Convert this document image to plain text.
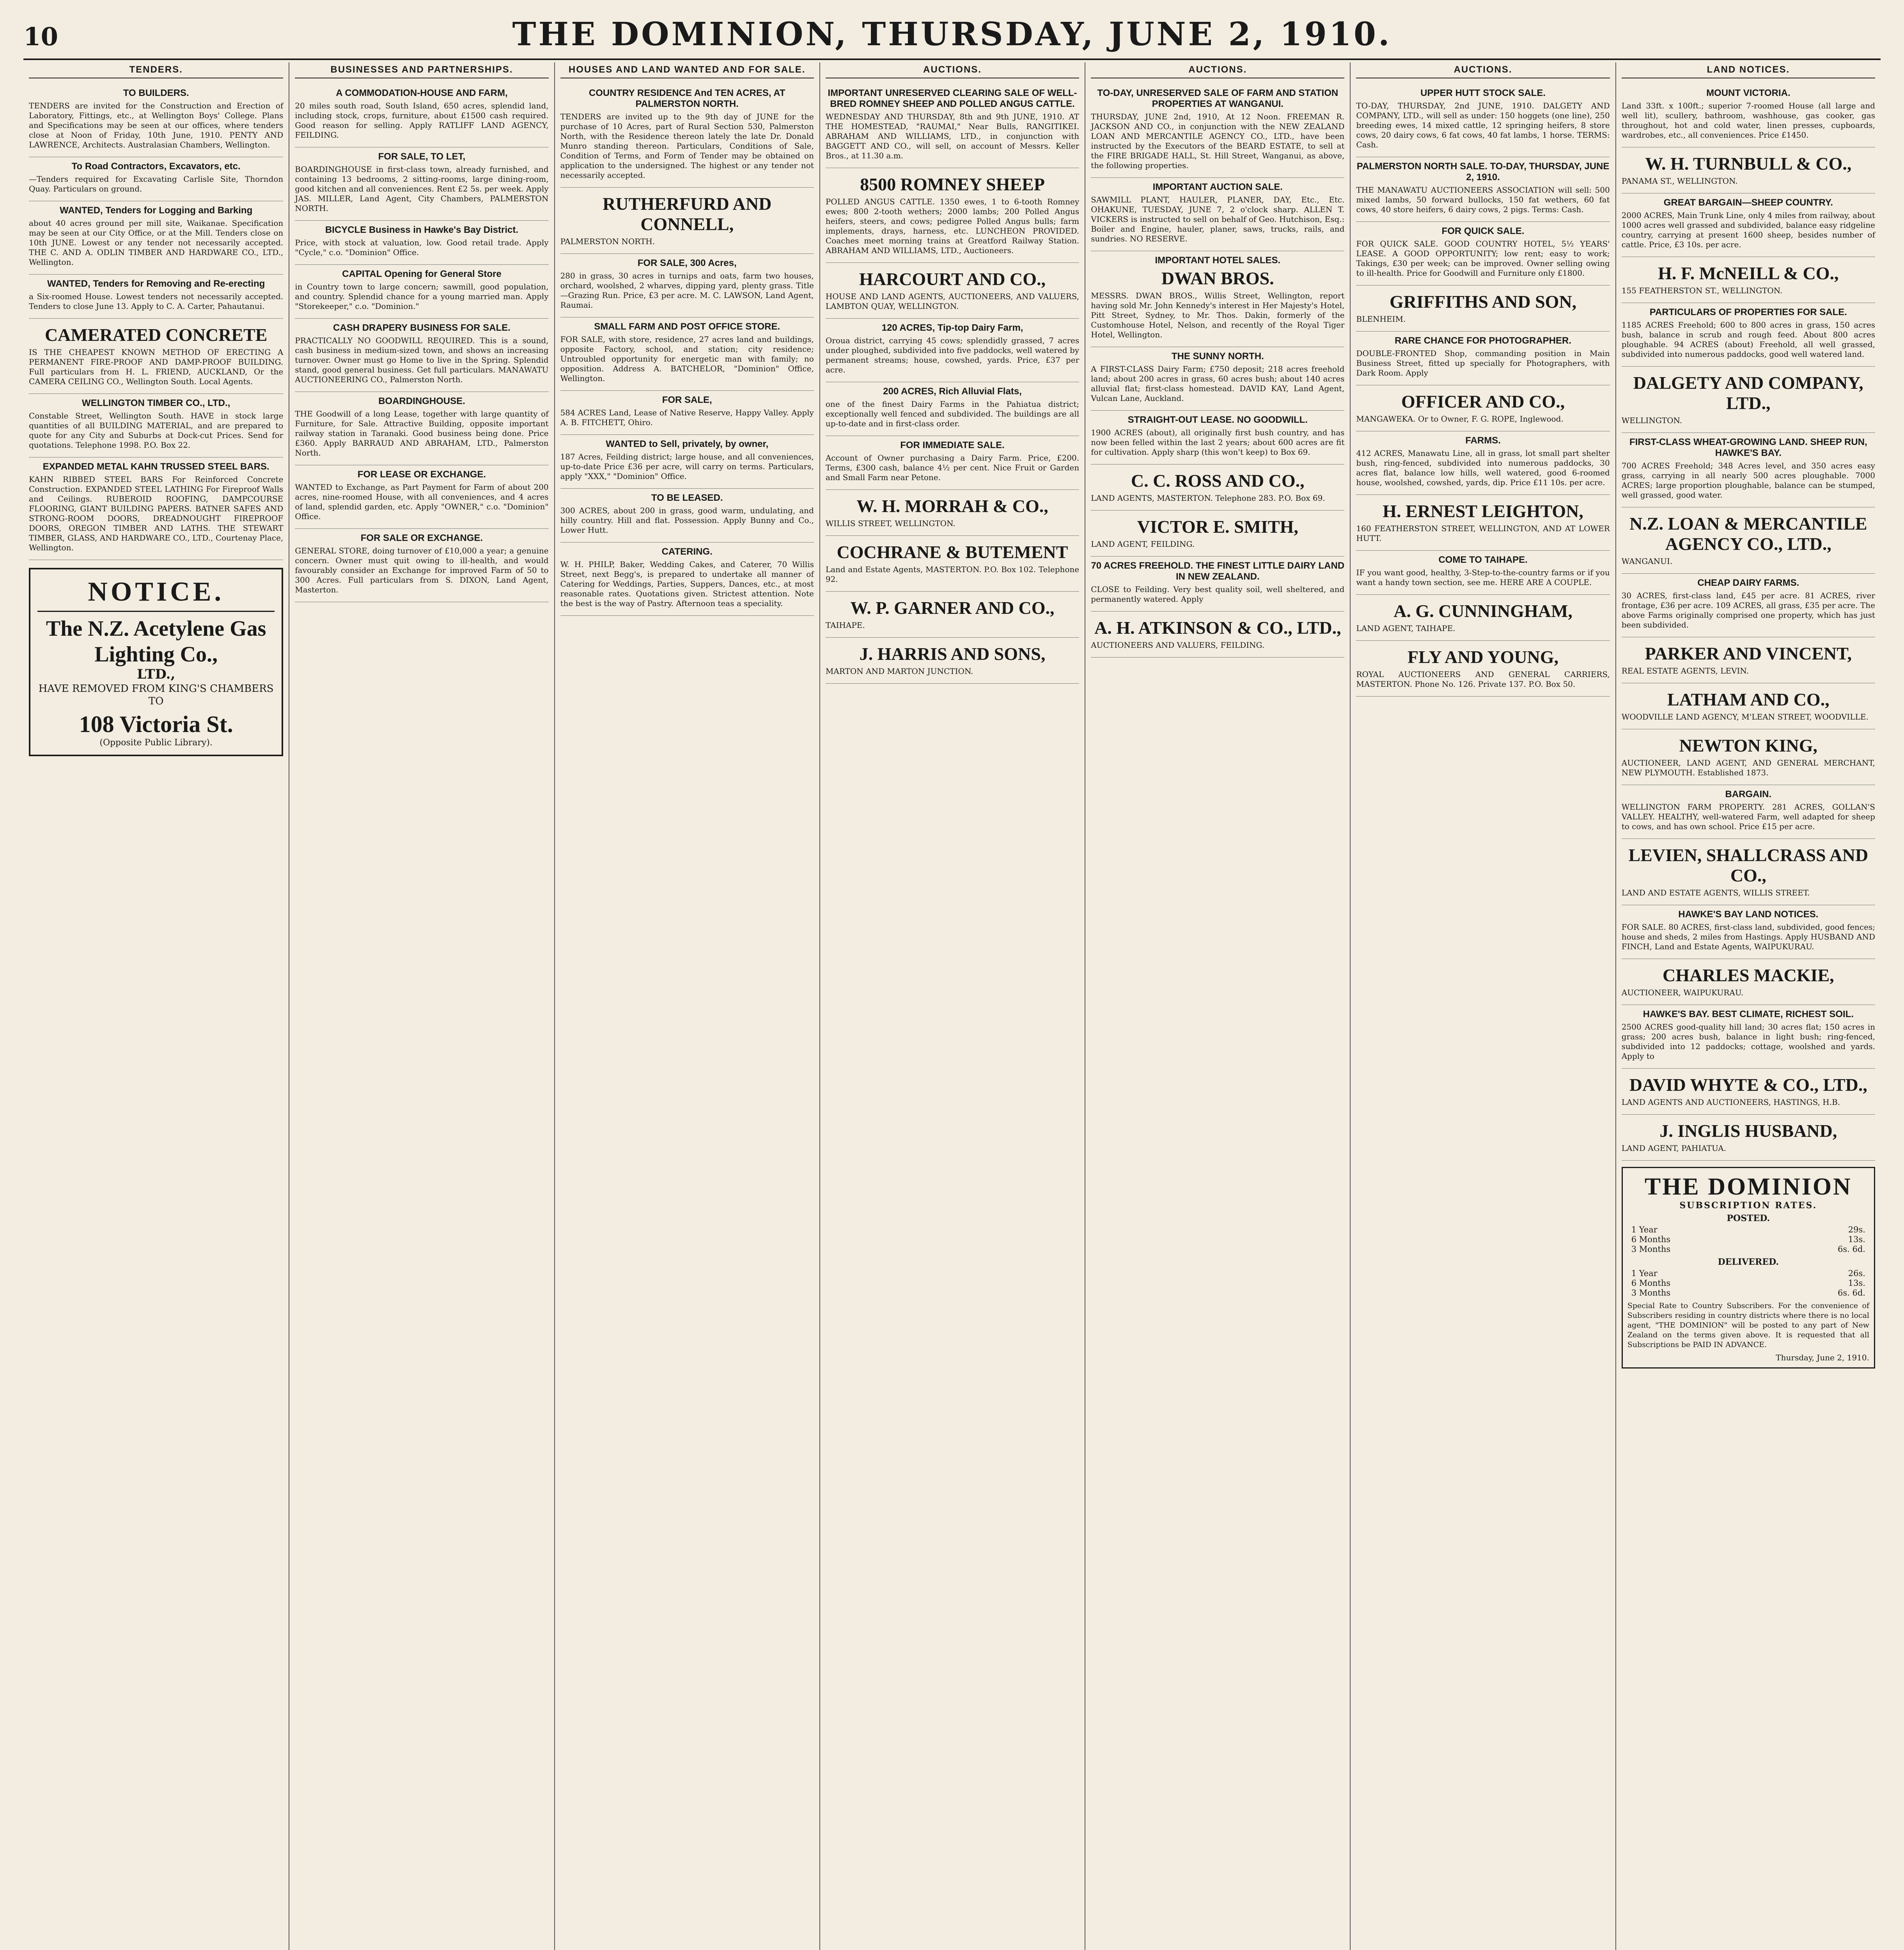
10	THE DOMINION, THURSDAY, JUNE 2, 1910.
TENDERS.
TO BUILDERS.
TENDERS are invited for the Construction and Erection of Laboratory, Fittings, etc., at Wellington Boys' College. Plans and Specifications may be seen at our offices, where tenders close at Noon of Friday, 10th June, 1910. PENTY AND LAWRENCE, Architects. Australasian Chambers, Wellington.
To Road Contractors, Excavators, etc.
—Tenders required for Excavating Carlisle Site, Thorndon Quay. Particulars on ground.
WANTED, Tenders for Logging and Barking
about 40 acres ground per mill site, Waikanae. Specification may be seen at our City Office, or at the Mill. Tenders close on 10th JUNE. Lowest or any tender not necessarily accepted. THE C. AND A. ODLIN TIMBER AND HARDWARE CO., LTD., Wellington.
WANTED, Tenders for Removing and Re-erecting
a Six-roomed House. Lowest tenders not necessarily accepted. Tenders to close June 13. Apply to C. A. Carter, Pahautanui.
CAMERATED CONCRETE
IS THE CHEAPEST KNOWN METHOD OF ERECTING A PERMANENT FIRE-PROOF AND DAMP-PROOF BUILDING. Full particulars from H. L. FRIEND, AUCKLAND, Or the CAMERA CEILING CO., Wellington South. Local Agents.
WELLINGTON TIMBER CO., LTD.,
Constable Street, Wellington South. HAVE in stock large quantities of all BUILDING MATERIAL, and are prepared to quote for any City and Suburbs at Dock-cut Prices. Send for quotations. Telephone 1998. P.O. Box 22.
EXPANDED METAL KAHN TRUSSED STEEL BARS.
KAHN RIBBED STEEL BARS For Reinforced Concrete Construction. EXPANDED STEEL LATHING For Fireproof Walls and Ceilings. RUBEROID ROOFING, DAMPCOURSE FLOORING, GIANT BUILDING PAPERS. BATNER SAFES AND STRONG-ROOM DOORS, DREADNOUGHT FIREPROOF DOORS, OREGON TIMBER AND LATHS. THE STEWART TIMBER, GLASS, AND HARDWARE CO., LTD., Courtenay Place, Wellington.
NOTICE.
The N.Z. Acetylene Gas Lighting Co.,
LTD.,
HAVE REMOVED FROM KING'S CHAMBERS TO
108 Victoria St.
(Opposite Public Library).
BUSINESSES AND PARTNERSHIPS.
A COMMODATION-HOUSE AND FARM,
20 miles south road, South Island, 650 acres, splendid land, including stock, crops, furniture, about £1500 cash required. Good reason for selling. Apply RATLIFF LAND AGENCY, FEILDING.
FOR SALE, TO LET,
BOARDINGHOUSE in first-class town, already furnished, and containing 13 bedrooms, 2 sitting-rooms, large dining-room, good kitchen and all conveniences. Rent £2 5s. per week. Apply JAS. MILLER, Land Agent, City Chambers, PALMERSTON NORTH.
BICYCLE Business in Hawke's Bay District.
Price, with stock at valuation, low. Good retail trade. Apply "Cycle," c.o. "Dominion" Office.
CAPITAL Opening for General Store
in Country town to large concern; sawmill, good population, and country. Splendid chance for a young married man. Apply "Storekeeper," c.o. "Dominion."
CASH DRAPERY BUSINESS FOR SALE.
PRACTICALLY NO GOODWILL REQUIRED. This is a sound, cash business in medium-sized town, and shows an increasing turnover. Owner must go Home to live in the Spring. Splendid stand, good general business. Get full particulars. MANAWATU AUCTIONEERING CO., Palmerston North.
BOARDINGHOUSE.
THE Goodwill of a long Lease, together with large quantity of Furniture, for Sale. Attractive Building, opposite important railway station in Taranaki. Good business being done. Price £360. Apply BARRAUD AND ABRAHAM, LTD., Palmerston North.
FOR LEASE OR EXCHANGE.
WANTED to Exchange, as Part Payment for Farm of about 200 acres, nine-roomed House, with all conveniences, and 4 acres of land, splendid garden, etc. Apply "OWNER," c.o. "Dominion" Office.
FOR SALE OR EXCHANGE.
GENERAL STORE, doing turnover of £10,000 a year; a genuine concern. Owner must quit owing to ill-health, and would favourably consider an Exchange for improved Farm of 50 to 300 Acres. Full particulars from S. DIXON, Land Agent, Masterton.
HOUSES AND LAND WANTED AND FOR SALE.
COUNTRY RESIDENCE And TEN ACRES, AT PALMERSTON NORTH.
TENDERS are invited up to the 9th day of JUNE for the purchase of 10 Acres, part of Rural Section 530, Palmerston North, with the Residence thereon lately the late Dr. Donald Munro standing thereon. Particulars, Conditions of Sale, Condition of Terms, and Form of Tender may be obtained on application to the undersigned. The highest or any tender not necessarily accepted.
RUTHERFURD AND CONNELL,
PALMERSTON NORTH.
FOR SALE, 300 Acres,
280 in grass, 30 acres in turnips and oats, farm two houses, orchard, woolshed, 2 wharves, dipping yard, plenty grass. Title—Grazing Run. Price, £3 per acre. M. C. LAWSON, Land Agent, Raumai.
SMALL FARM AND POST OFFICE STORE.
FOR SALE, with store, residence, 27 acres land and buildings, opposite Factory, school, and station; city residence; Untroubled opportunity for energetic man with family; no opposition. Address A. BATCHELOR, "Dominion" Office, Wellington.
FOR SALE,
584 ACRES Land, Lease of Native Reserve, Happy Valley. Apply A. B. FITCHETT, Ohiro.
WANTED to Sell, privately, by owner,
187 Acres, Feilding district; large house, and all conveniences, up-to-date Price £36 per acre, will carry on terms. Particulars, apply "XXX," "Dominion" Office.
TO BE LEASED.
300 ACRES, about 200 in grass, good warm, undulating, and hilly country. Hill and flat. Possession. Apply Bunny and Co., Lower Hutt.
CATERING.
W. H. PHILP, Baker, Wedding Cakes, and Caterer, 70 Willis Street, next Begg's, is prepared to undertake all manner of Catering for Weddings, Parties, Suppers, Dances, etc., at most reasonable rates. Quotations given. Strictest attention. Note the best is the way of Pastry. Afternoon teas a speciality.
AUCTIONS.
IMPORTANT UNRESERVED CLEARING SALE OF WELL-BRED ROMNEY SHEEP AND POLLED ANGUS CATTLE.
WEDNESDAY AND THURSDAY, 8th and 9th JUNE, 1910. AT THE HOMESTEAD, "RAUMAI," Near Bulls, RANGITIKEI. ABRAHAM AND WILLIAMS, LTD., in conjunction with BAGGETT AND CO., will sell, on account of Messrs. Keller Bros., at 11.30 a.m.
8500 ROMNEY SHEEP
POLLED ANGUS CATTLE. 1350 ewes, 1 to 6-tooth Romney ewes; 800 2-tooth wethers; 2000 lambs; 200 Polled Angus heifers, steers, and cows; pedigree Polled Angus bulls; farm implements, drays, harness, etc. LUNCHEON PROVIDED. Coaches meet morning trains at Greatford Railway Station. ABRAHAM AND WILLIAMS, LTD., Auctioneers.
HARCOURT AND CO.,
HOUSE AND LAND AGENTS, AUCTIONEERS, AND VALUERS, LAMBTON QUAY, WELLINGTON.
120 ACRES, Tip-top Dairy Farm,
Oroua district, carrying 45 cows; splendidly grassed, 7 acres under ploughed, subdivided into five paddocks, well watered by permanent streams; house, cowshed, yards. Price, £37 per acre.
200 ACRES, Rich Alluvial Flats,
one of the finest Dairy Farms in the Pahiatua district; exceptionally well fenced and subdivided. The buildings are all up-to-date and in first-class order.
FOR IMMEDIATE SALE.
Account of Owner purchasing a Dairy Farm. Price, £200. Terms, £300 cash, balance 4½ per cent. Nice Fruit or Garden and Small Farm near Petone.
W. H. MORRAH & CO.,
WILLIS STREET, WELLINGTON.
COCHRANE & BUTEMENT
Land and Estate Agents, MASTERTON. P.O. Box 102. Telephone 92.
W. P. GARNER AND CO.,
TAIHAPE.
J. HARRIS AND SONS,
MARTON AND MARTON JUNCTION.
AUCTIONS.
TO-DAY, UNRESERVED SALE OF FARM AND STATION PROPERTIES AT WANGANUI.
THURSDAY, JUNE 2nd, 1910, At 12 Noon. FREEMAN R. JACKSON AND CO., in conjunction with the NEW ZEALAND LOAN AND MERCANTILE AGENCY CO., LTD., have been instructed by the Executors of the BEARD ESTATE, to sell at the FIRE BRIGADE HALL, St. Hill Street, Wanganui, as above, the following properties.
IMPORTANT AUCTION SALE.
SAWMILL PLANT, HAULER, PLANER, DAY, Etc., Etc. OHAKUNE, TUESDAY, JUNE 7, 2 o'clock sharp. ALLEN T. VICKERS is instructed to sell on behalf of Geo. Hutchison, Esq.: Boiler and Engine, hauler, planer, saws, trucks, rails, and sundries. NO RESERVE.
IMPORTANT HOTEL SALES.
DWAN BROS.
MESSRS. DWAN BROS., Willis Street, Wellington, report having sold Mr. John Kennedy's interest in Her Majesty's Hotel, Pitt Street, Sydney, to Mr. Thos. Dakin, formerly of the Customhouse Hotel, Nelson, and recently of the Royal Tiger Hotel, Wellington.
THE SUNNY NORTH.
A FIRST-CLASS Dairy Farm; £750 deposit; 218 acres freehold land; about 200 acres in grass, 60 acres bush; about 140 acres alluvial flat; first-class homestead. DAVID KAY, Land Agent, Vulcan Lane, Auckland.
STRAIGHT-OUT LEASE. NO GOODWILL.
1900 ACRES (about), all originally first bush country, and has now been felled within the last 2 years; about 600 acres are fit for cultivation. Apply sharp (this won't keep) to Box 69.
C. C. ROSS AND CO.,
LAND AGENTS, MASTERTON. Telephone 283. P.O. Box 69.
VICTOR E. SMITH,
LAND AGENT, FEILDING.
70 ACRES FREEHOLD. THE FINEST LITTLE DAIRY LAND IN NEW ZEALAND.
CLOSE to Feilding. Very best quality soil, well sheltered, and permanently watered. Apply
A. H. ATKINSON & CO., LTD.,
AUCTIONEERS AND VALUERS, FEILDING.
AUCTIONS.
UPPER HUTT STOCK SALE.
TO-DAY, THURSDAY, 2nd JUNE, 1910. DALGETY AND COMPANY, LTD., will sell as under: 150 hoggets (one line), 250 breeding ewes, 14 mixed cattle, 12 springing heifers, 8 store cows, 20 dairy cows, 6 fat cows, 40 fat lambs, 1 horse. TERMS: Cash.
PALMERSTON NORTH SALE. TO-DAY, THURSDAY, JUNE 2, 1910.
THE MANAWATU AUCTIONEERS ASSOCIATION will sell: 500 mixed lambs, 50 forward bullocks, 150 fat wethers, 60 fat cows, 40 store heifers, 6 dairy cows, 2 pigs. Terms: Cash.
FOR QUICK SALE.
FOR QUICK SALE. GOOD COUNTRY HOTEL, 5½ YEARS' LEASE. A GOOD OPPORTUNITY; low rent; easy to work; Takings, £30 per week; can be improved. Owner selling owing to ill-health. Price for Goodwill and Furniture only £1800.
GRIFFITHS AND SON,
BLENHEIM.
RARE CHANCE FOR PHOTOGRAPHER.
DOUBLE-FRONTED Shop, commanding position in Main Business Street, fitted up specially for Photographers, with Dark Room. Apply
OFFICER AND CO.,
MANGAWEKA. Or to Owner, F. G. ROPE, Inglewood.
FARMS.
412 ACRES, Manawatu Line, all in grass, lot small part shelter bush, ring-fenced, subdivided into numerous paddocks, 30 acres flat, balance low hills, well watered, good 6-roomed house, woolshed, cowshed, yards, dip. Price £11 10s. per acre.
H. ERNEST LEIGHTON,
160 FEATHERSTON STREET, WELLINGTON, AND AT LOWER HUTT.
COME TO TAIHAPE.
IF you want good, healthy, 3-Step-to-the-country farms or if you want a handy town section, see me. HERE ARE A COUPLE.
A. G. CUNNINGHAM,
LAND AGENT, TAIHAPE.
FLY AND YOUNG,
ROYAL AUCTIONEERS AND GENERAL CARRIERS, MASTERTON. Phone No. 126. Private 137. P.O. Box 50.
LAND NOTICES.
MOUNT VICTORIA.
Land 33ft. x 100ft.; superior 7-roomed House (all large and well lit), scullery, bathroom, washhouse, gas cooker, gas throughout, hot and cold water, linen presses, cupboards, wardrobes, etc., all conveniences. Price £1450.
W. H. TURNBULL & CO.,
PANAMA ST., WELLINGTON.
GREAT BARGAIN—SHEEP COUNTRY.
2000 ACRES, Main Trunk Line, only 4 miles from railway, about 1000 acres well grassed and subdivided, balance easy ridgeline country, carrying at present 1600 sheep, besides number of cattle. Price, £3 10s. per acre.
H. F. McNEILL & CO.,
155 FEATHERSTON ST., WELLINGTON.
PARTICULARS OF PROPERTIES FOR SALE.
1185 ACRES Freehold; 600 to 800 acres in grass, 150 acres bush, balance in scrub and rough feed. About 800 acres ploughable. 94 ACRES (about) Freehold, all well grassed, subdivided into numerous paddocks, good well watered land.
DALGETY AND COMPANY, LTD.,
WELLINGTON.
FIRST-CLASS WHEAT-GROWING LAND. SHEEP RUN, HAWKE'S BAY.
700 ACRES Freehold; 348 Acres level, and 350 acres easy grass, carrying in all nearly 500 acres ploughable. 7000 ACRES; large proportion ploughable, balance can be stumped, well grassed, good water.
N.Z. LOAN & MERCANTILE AGENCY CO., LTD.,
WANGANUI.
CHEAP DAIRY FARMS.
30 ACRES, first-class land, £45 per acre. 81 ACRES, river frontage, £36 per acre. 109 ACRES, all grass, £35 per acre. The above Farms originally comprised one property, which has just been subdivided.
PARKER AND VINCENT,
REAL ESTATE AGENTS, LEVIN.
LATHAM AND CO.,
WOODVILLE LAND AGENCY, M'LEAN STREET, WOODVILLE.
NEWTON KING,
AUCTIONEER, LAND AGENT, AND GENERAL MERCHANT, NEW PLYMOUTH. Established 1873.
BARGAIN.
WELLINGTON FARM PROPERTY. 281 ACRES, GOLLAN'S VALLEY. HEALTHY, well-watered Farm, well adapted for sheep to cows, and has own school. Price £15 per acre.
LEVIEN, SHALLCRASS AND CO.,
LAND AND ESTATE AGENTS, WILLIS STREET.
HAWKE'S BAY LAND NOTICES.
FOR SALE. 80 ACRES, first-class land, subdivided, good fences; house and sheds, 2 miles from Hastings. Apply HUSBAND AND FINCH, Land and Estate Agents, WAIPUKURAU.
CHARLES MACKIE,
AUCTIONEER, WAIPUKURAU.
HAWKE'S BAY. BEST CLIMATE, RICHEST SOIL.
2500 ACRES good-quality hill land; 30 acres flat; 150 acres in grass; 200 acres bush, balance in light bush; ring-fenced, subdivided into 12 paddocks; cottage, woolshed and yards. Apply to
DAVID WHYTE & CO., LTD.,
LAND AGENTS AND AUCTIONEERS, HASTINGS, H.B.
J. INGLIS HUSBAND,
LAND AGENT, PAHIATUA.
THE DOMINION
SUBSCRIPTION RATES.
POSTED.
1 Year	29s.
6 Months	13s.
3 Months	6s. 6d.
DELIVERED.
1 Year	26s.
6 Months	13s.
3 Months	6s. 6d.
Special Rate to Country Subscribers. For the convenience of Subscribers residing in country districts where there is no local agent, "THE DOMINION" will be posted to any part of New Zealand on the terms given above. It is requested that all Subscriptions be PAID IN ADVANCE.
Thursday, June 2, 1910.
